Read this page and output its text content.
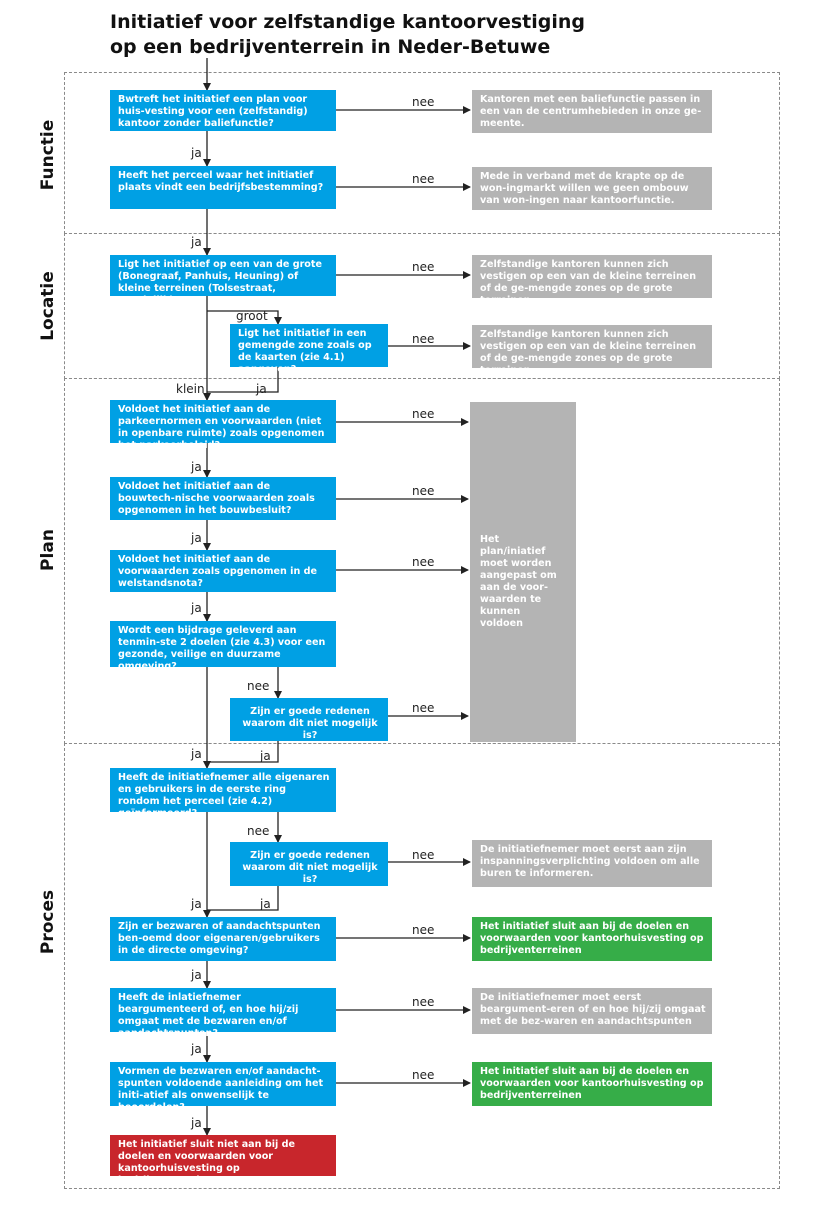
Initiatief voor zelfstandige kantoorvestiging
op een bedrijventerrein in Neder-Betuwe
Functie
Locatie
Plan
Proces
Bwtreft het initiatief een plan voor huis-vesting voor een (zelfstandig) kantoor zonder baliefunctie?
Heeft het perceel waar het initiatief plaats vindt een bedrijfsbestemming?
Ligt het initiatief op een van de grote (Bonegraaf, Panhuis, Heuning) of kleine terreinen (Tolsestraat, Broekdijk)?
Ligt het initiatief in een gemengde zone zoals op de kaarten (zie 4.1) aangeven?
Voldoet het initiatief aan de parkeernormen en voorwaarden (niet in openbare ruimte) zoals opgenomen het parkeerbeleid?
Voldoet het initiatief aan de bouwtech-nische voorwaarden zoals opgenomen in het bouwbesluit?
Voldoet het initiatief aan de voorwaarden zoals opgenomen in de welstandsnota?
Wordt een bijdrage geleverd aan tenmin-ste 2 doelen (zie 4.3) voor een gezonde, veilige en duurzame omgeving?
Zijn er goede redenen waarom dit niet mogelijk is?
Heeft de initiatiefnemer alle eigenaren en gebruikers in de eerste ring rondom het perceel (zie 4.2) geïnformeerd?
Zijn er goede redenen waarom dit niet mogelijk is?
Zijn er bezwaren of aandachtspunten ben-oemd door eigenaren/gebruikers in de directe omgeving?
Heeft de inlatiefnemer beargumenteerd of, en hoe hij/zij omgaat met de bezwaren en/of aandachtspunten?
Vormen de bezwaren en/of aandacht-spunten voldoende aanleiding om het initi-atief als onwenselijk te beoordelen?
Kantoren met een baliefunctie passen in een van de centrumhebieden in onze ge-meente.
Mede in verband met de krapte op de won-ingmarkt willen we geen ombouw van won-ingen naar kantoorfunctie.
Zelfstandige kantoren kunnen zich vestigen op een van de kleine terreinen of de ge-mengde zones op de grote terreinen.
Zelfstandige kantoren kunnen zich vestigen op een van de kleine terreinen of de ge-mengde zones op de grote terreinen.
Het plan/iniatief moet worden aangepast om aan de voor-waarden te kunnen voldoen
De initiatiefnemer moet eerst aan zijn inspanningsverplichting voldoen om alle buren te informeren.
Het initiatief sluit aan bij de doelen en voorwaarden voor kantoorhuisvesting op bedrijventerreinen
De initiatiefnemer moet eerst beargument-eren of en hoe hij/zij omgaat met de bez-waren en aandachtspunten
Het initiatief sluit aan bij de doelen en voorwaarden voor kantoorhuisvesting op bedrijventerreinen
Het initiatief sluit niet aan bij de doelen en voorwaarden voor kantoorhuisvesting op bedrijventerreinen
nee
nee
nee
nee
nee
nee
nee
nee
nee
nee
nee
nee
nee
nee
ja
ja
groot
klein	ja
ja
ja
ja
ja	ja
ja	ja
ja
ja
ja
